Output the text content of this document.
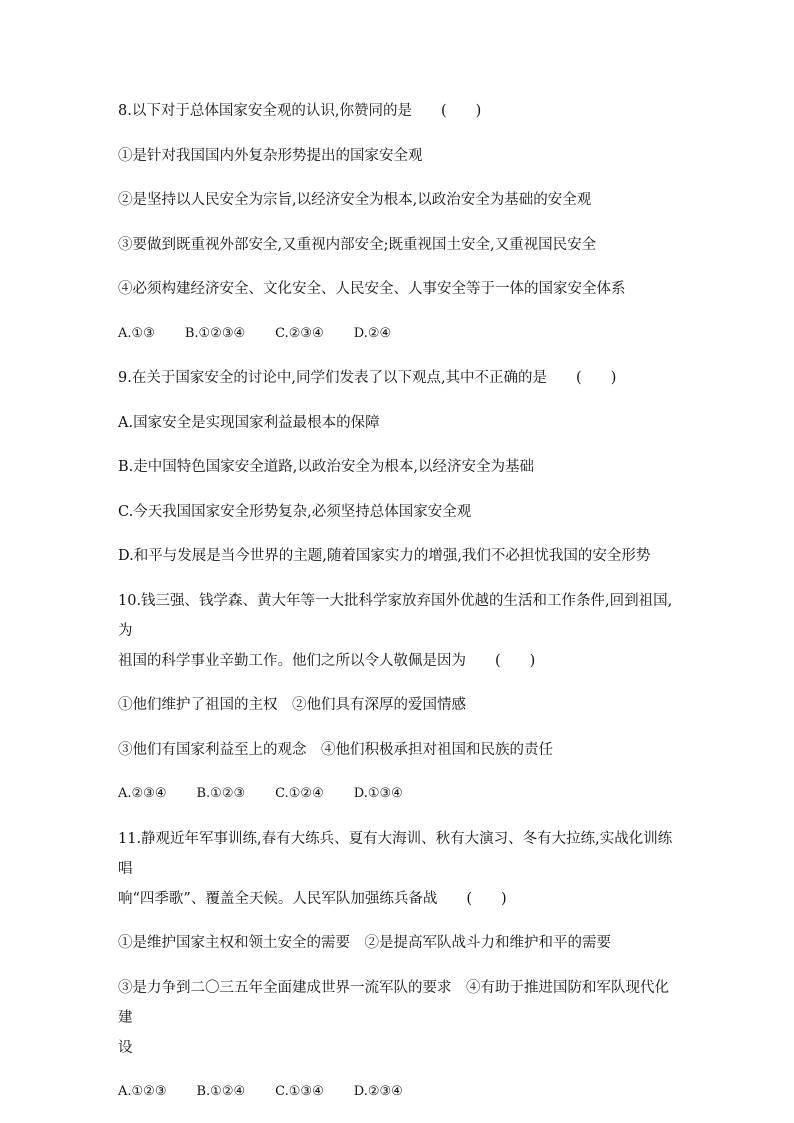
8.以下对于总体国家安全观的认识,你赞同的是　　(　　)
①是针对我国国内外复杂形势提出的国家安全观
②是坚持以人民安全为宗旨,以经济安全为根本,以政治安全为基础的安全观
③要做到既重视外部安全,又重视内部安全;既重视国土安全,又重视国民安全
④必须构建经济安全、文化安全、人民安全、人事安全等于一体的国家安全体系
A.①③ B.①②③④ C.②③④ D.②④
9.在关于国家安全的讨论中,同学们发表了以下观点,其中不正确的是　　(　　)
A.国家安全是实现国家利益最根本的保障
B.走中国特色国家安全道路,以政治安全为根本,以经济安全为基础
C.今天我国国家安全形势复杂,必须坚持总体国家安全观
D.和平与发展是当今世界的主题,随着国家实力的增强,我们不必担忧我国的安全形势
10.钱三强、钱学森、黄大年等一大批科学家放弃国外优越的生活和工作条件,回到祖国,为
祖国的科学事业辛勤工作。他们之所以令人敬佩是因为　　(　　)
①他们维护了祖国的主权　②他们具有深厚的爱国情感
③他们有国家利益至上的观念　④他们积极承担对祖国和民族的责任
A.②③④ B.①②③ C.①②④ D.①③④
11.静观近年军事训练,春有大练兵、夏有大海训、秋有大演习、冬有大拉练,实战化训练唱
响“四季歌”、覆盖全天候。人民军队加强练兵备战　　(　　)
①是维护国家主权和领土安全的需要　②是提高军队战斗力和维护和平的需要
③是力争到二〇三五年全面建成世界一流军队的要求　④有助于推进国防和军队现代化建
设
A.①②③ B.①②④ C.①③④ D.②③④
